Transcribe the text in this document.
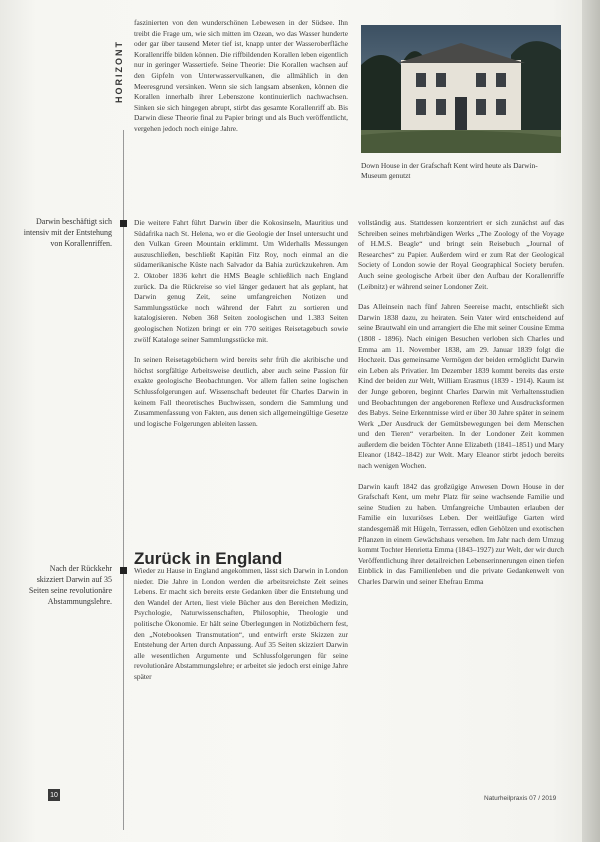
HORIZONT
Darwin beschäftigt sich intensiv mit der Entstehung von Korallenriffen.
Nach der Rückkehr skizziert Darwin auf 35 Seiten seine revolutionäre Abstammungslehre.

faszinierten von den wunderschönen Lebewesen in der Südsee. Ihn treibt die Frage um, wie sich mitten im Ozean, wo das Wasser hunderte oder gar über tausend Meter tief ist, knapp unter der Wasseroberfläche Korallenriffe bilden können. Die riffbildenden Korallen leben eigentlich nur in geringer Wassertiefe. Seine Theorie: Die Korallen wachsen auf den Gipfeln von Unterwasservulkanen, die allmählich in den Meeresgrund versinken. Wenn sie sich langsam absenken, können die Korallen innerhalb ihrer Lebenszone kontinuierlich nachwachsen. Sinken sie sich hingegen abrupt, stirbt das gesamte Korallenriff ab. Bis Darwin diese Theorie final zu Papier bringt und als Buch veröffentlicht, vergehen jedoch noch einige Jahre.

Down House in der Grafschaft Kent wird heute als Darwin-Museum genutzt

Die weitere Fahrt führt Darwin über die Kokosinseln, Mauritius und Südafrika nach St. Helena, wo er die Geologie der Insel untersucht und den Vulkan Green Mountain erklimmt. Um Widerhalls Messungen auszuschließen, beschließt Kapitän Fitz Roy, noch einmal an die südamerikanische Küste nach Salvador da Bahia zurückzukehren. Am 2. Oktober 1836 kehrt die HMS Beagle schließlich nach England zurück. Da die Rückreise so viel länger gedauert hat als geplant, hat Darwin genug Zeit, seine umfangreichen Notizen und Sammlungsstücke noch während der Fahrt zu sortieren und katalogisieren. Neben 368 Seiten zoologischen und 1.383 Seiten geologischen Notizen bringt er ein 770 seitiges Reisetagebuch sowie zwölf Kataloge seiner Sammlungsstücke mit.

In seinen Reisetagebüchern wird bereits sehr früh die akribische und höchst sorgfältige Arbeitsweise deutlich, aber auch seine Passion für exakte geologische Beobachtungen. Vor allem fallen seine logischen Schlussfolgerungen auf. Wissenschaft bedeutet für Charles Darwin in keinem Fall theoretisches Buchwissen, sondern die Sammlung und Zusammenfassung von Fakten, aus denen sich allgemeingültige Gesetze und logische Folgerungen ableiten lassen.

Zurück in England

Wieder zu Hause in England angekommen, lässt sich Darwin in London nieder. Die Jahre in London werden die arbeitsreichste Zeit seines Lebens. Er macht sich bereits erste Gedanken über die Entstehung und den Wandel der Arten, liest viele Bücher aus den Bereichen Medizin, Psychologie, Naturwissenschaften, Philosophie, Theologie und politische Ökonomie. Er hält seine Überlegungen in Notizbüchern fest, den „Notebooksen Transmutation“, und entwirft erste Skizzen zur Entstehung der Arten durch Anpassung. Auf 35 Seiten skizziert Darwin alle wesentlichen Argumente und Schlussfolgerungen für seine revolutionäre Abstammungslehre; er arbeitet sie jedoch erst einige Jahre später

vollständig aus. Stattdessen konzentriert er sich zunächst auf das Schreiben seines mehrbändigen Werks „The Zoology of the Voyage of H.M.S. Beagle“ und bringt sein Reisebuch „Journal of Researches“ zu Papier. Außerdem wird er zum Rat der Geological Society of London sowie der Royal Geographical Society berufen. Auch seine geologische Arbeit über den Aufbau der Korallenriffe (Leibnitz) er während seiner Londoner Zeit.

Das Alleinsein nach fünf Jahren Seereise macht, entschließt sich Darwin 1838 dazu, zu heiraten. Sein Vater wird entscheidend auf seine Brautwahl ein und arrangiert die Ehe mit seiner Cousine Emma (1808 - 1896). Nach einigen Besuchen verloben sich Charles und Emma am 11. November 1838, am 29. Januar 1839 folgt die Hochzeit. Das gemeinsame Vermögen der beiden ermöglicht Darwin ein Leben als Privatier. Im Dezember 1839 kommt bereits das erste Kind der beiden zur Welt, William Erasmus (1839 - 1914). Kaum ist der Junge geboren, beginnt Charles Darwin mit Verhaltensstudien und Beobachtungen der angeborenen Reflexe und Ausdrucksformen des Babys. Seine Erkenntnisse wird er über 30 Jahre später in seinem Werk „Der Ausdruck der Gemütsbewegungen bei dem Menschen und den Tieren“ verarbeiten. In der Londoner Zeit kommen außerdem die beiden Töchter Anne Elizabeth (1841–1851) und Mary Eleanor (1842–1842) zur Welt. Mary Eleanor stirbt jedoch bereits nach wenigen Wochen.

Darwin kauft 1842 das großzügige Anwesen Down House in der Grafschaft Kent, um mehr Platz für seine wachsende Familie und seine Studien zu haben. Umfangreiche Umbauten erlauben der Familie ein luxuriöses Leben. Der weitläufige Garten wird standesgemäß mit Hügeln, Terrassen, edlen Gehölzen und exotischen Pflanzen in einem Gewächshaus versehen. Im Jahr nach dem Umzug kommt Tochter Henrietta Emma (1843–1927) zur Welt, der wir durch Veröffentlichung ihrer detailreichen Lebenserinnerungen einen tiefen Einblick in das Familienleben und die private Gedankenwelt von Charles Darwin und seiner Ehefrau Emma

10	Naturheilpraxis 07 / 2019
